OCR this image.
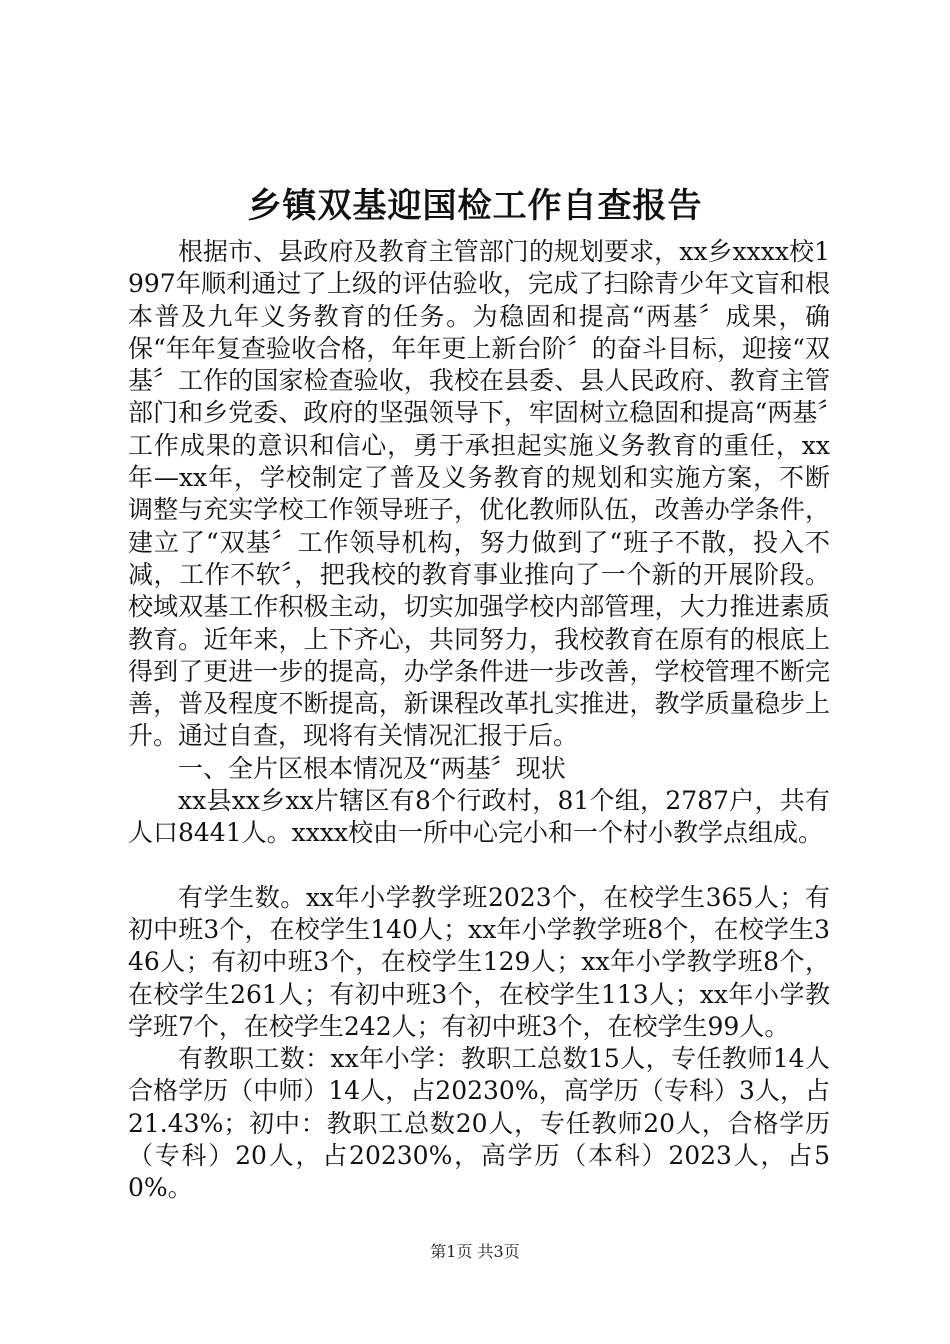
乡镇双基迎国检工作自查报告

根据市、县政府及教育主管部门的规划要求，xx乡xxxx校1997年顺利通过了上级的评估验收，完成了扫除青少年文盲和根本普及九年义务教育的任务。为稳固和提高“两基〞成果，确保“年年复查验收合格，年年更上新台阶〞的奋斗目标，迎接“双基〞工作的国家检查验收，我校在县委、县人民政府、教育主管部门和乡党委、政府的坚强领导下，牢固树立稳固和提高“两基〞工作成果的意识和信心，勇于承担起实施义务教育的重任，xx年—xx年，学校制定了普及义务教育的规划和实施方案，不断调整与充实学校工作领导班子，优化教师队伍，改善办学条件，建立了“双基〞工作领导机构，努力做到了“班子不散，投入不减，工作不软〞，把我校的教育事业推向了一个新的开展阶段。校域双基工作积极主动，切实加强学校内部管理，大力推进素质教育。近年来，上下齐心，共同努力，我校教育在原有的根底上得到了更进一步的提高，办学条件进一步改善，学校管理不断完善，普及程度不断提高，新课程改革扎实推进，教学质量稳步上升。通过自查，现将有关情况汇报于后。

一、全片区根本情况及“两基〞现状

xx县xx乡xx片辖区有8个行政村，81个组，2787户，共有人口8441人。xxxx校由一所中心完小和一个村小教学点组成。

有学生数。xx年小学教学班2023个，在校学生365人；有初中班3个，在校学生140人；xx年小学教学班8个，在校学生346人；有初中班3个，在校学生129人；xx年小学教学班8个，在校学生261人；有初中班3个，在校学生113人；xx年小学教学班7个，在校学生242人；有初中班3个，在校学生99人。

有教职工数：xx年小学：教职工总数15人，专任教师14人合格学历（中师）14人，占20230%，高学历（专科）3人，占21.43%；初中：教职工总数20人，专任教师20人，合格学历（专科）20人，占20230%，高学历（本科）2023人，占50%。

第1页 共3页
